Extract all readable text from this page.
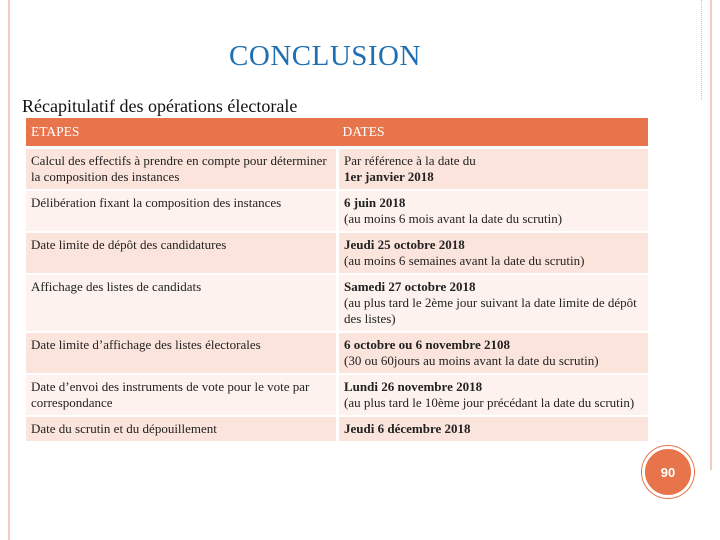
CONCLUSION
Récapitulatif des opérations électorale
ETAPES	DATES
Calcul des effectifs à prendre en compte pour déterminer la composition des instances	Par référence à la date du
1er janvier 2018
Délibération fixant la composition des instances	6 juin 2018
(au moins 6 mois avant la date du scrutin)
Date limite de dépôt des candidatures	Jeudi 25 octobre 2018
(au moins 6 semaines avant la date du scrutin)
Affichage des listes de candidats	Samedi 27 octobre 2018
(au plus tard le 2ème jour suivant la date limite de dépôt des listes)
Date limite d’affichage des listes électorales	6 octobre ou 6 novembre 2108
(30 ou 60jours au moins avant la date du scrutin)
Date d’envoi des instruments de vote pour le vote par correspondance	Lundi 26 novembre 2018
(au plus tard le 10ème jour précédant la date du scrutin)
Date du scrutin et du dépouillement	Jeudi 6 décembre 2018
90
